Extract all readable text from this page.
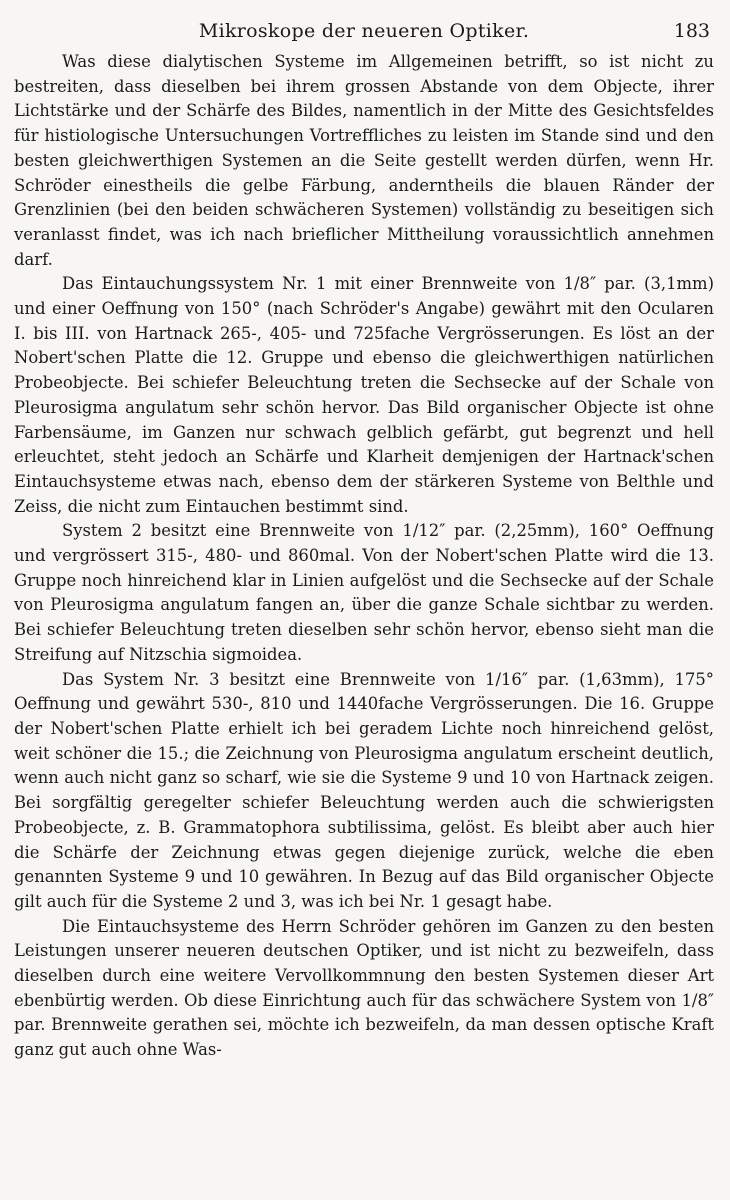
Mikroskope der neueren Optiker.	183

Was diese dialytischen Systeme im Allgemeinen betrifft, so ist nicht zu bestreiten, dass dieselben bei ihrem grossen Abstande von dem Objecte, ihrer Lichtstärke und der Schärfe des Bildes, namentlich in der Mitte des Gesichtsfeldes für histiologische Untersuchungen Vortreffliches zu leisten im Stande sind und den besten gleichwerthigen Systemen an die Seite gestellt werden dürfen, wenn Hr. Schröder einestheils die gelbe Färbung, anderntheils die blauen Ränder der Grenzlinien (bei den beiden schwächeren Systemen) vollständig zu beseitigen sich veranlasst findet, was ich nach brieflicher Mittheilung voraussichtlich annehmen darf.

Das Eintauchungssystem Nr. 1 mit einer Brennweite von 1/8″ par. (3,1mm) und einer Oeffnung von 150° (nach Schröder's Angabe) gewährt mit den Ocularen I. bis III. von Hartnack 265-, 405- und 725fache Vergrösserungen. Es löst an der Nobert'schen Platte die 12. Gruppe und ebenso die gleichwerthigen natürlichen Probeobjecte. Bei schiefer Beleuchtung treten die Sechsecke auf der Schale von Pleurosigma angulatum sehr schön hervor. Das Bild organischer Objecte ist ohne Farbensäume, im Ganzen nur schwach gelblich gefärbt, gut begrenzt und hell erleuchtet, steht jedoch an Schärfe und Klarheit demjenigen der Hartnack'schen Eintauchsysteme etwas nach, ebenso dem der stärkeren Systeme von Belthle und Zeiss, die nicht zum Eintauchen bestimmt sind.

System 2 besitzt eine Brennweite von 1/12″ par. (2,25mm), 160° Oeffnung und vergrössert 315-, 480- und 860mal. Von der Nobert'schen Platte wird die 13. Gruppe noch hinreichend klar in Linien aufgelöst und die Sechsecke auf der Schale von Pleurosigma angulatum fangen an, über die ganze Schale sichtbar zu werden. Bei schiefer Beleuchtung treten dieselben sehr schön hervor, ebenso sieht man die Streifung auf Nitzschia sigmoidea.

Das System Nr. 3 besitzt eine Brennweite von 1/16″ par. (1,63mm), 175° Oeffnung und gewährt 530-, 810 und 1440fache Vergrösserungen. Die 16. Gruppe der Nobert'schen Platte erhielt ich bei geradem Lichte noch hinreichend gelöst, weit schöner die 15.; die Zeichnung von Pleurosigma angulatum erscheint deutlich, wenn auch nicht ganz so scharf, wie sie die Systeme 9 und 10 von Hartnack zeigen. Bei sorgfältig geregelter schiefer Beleuchtung werden auch die schwierigsten Probeobjecte, z. B. Grammatophora subtilissima, gelöst. Es bleibt aber auch hier die Schärfe der Zeichnung etwas gegen diejenige zurück, welche die eben genannten Systeme 9 und 10 gewähren. In Bezug auf das Bild organischer Objecte gilt auch für die Systeme 2 und 3, was ich bei Nr. 1 gesagt habe.

Die Eintauchsysteme des Herrn Schröder gehören im Ganzen zu den besten Leistungen unserer neueren deutschen Optiker, und ist nicht zu bezweifeln, dass dieselben durch eine weitere Vervollkommnung den besten Systemen dieser Art ebenbürtig werden. Ob diese Einrichtung auch für das schwächere System von 1/8″ par. Brennweite gerathen sei, möchte ich bezweifeln, da man dessen optische Kraft ganz gut auch ohne Was-
